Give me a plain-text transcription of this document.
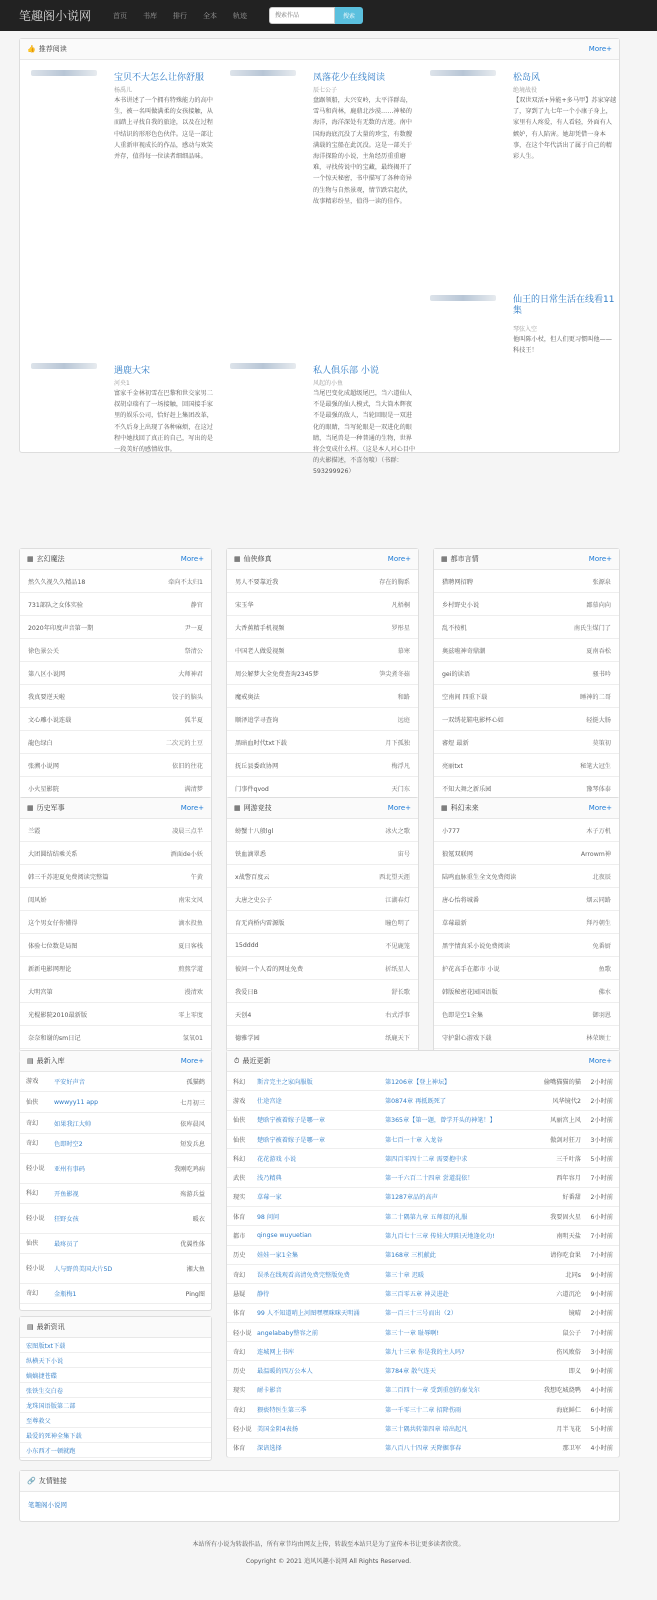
笔趣阁小说网	首页	书库	排行	全本	轨迹
搜索作品	搜索
👍 推荐阅读	More+
宝贝不大怎么让你舒服
杨禹儿
本书讲述了一个拥有特殊能力的高中生，被一名叫做满柔的女孩接触，从而踏上寻找自我的旅途，以及在过程中结识的形形色色伙伴。这是一部让人重新审视成长的作品，感动与欢笑并存，值得每一位读者细细品味。
凤落花少在线阅读
辰七公子
盘踞领船，大兴安岭，太平洋群岛，雪马和尚林，鹿鼎北沙漠……神秘的海洋，海洋深处有无数的古迹。南中国海海底沉没了大量的珍宝，有数艘满载的宝船在此沉没。这是一部关于海洋探险的小说，主角经历重重磨难，寻找传说中的宝藏，最终揭开了一个惊天秘密，书中描写了各种奇异的生物与自然景观，情节跌宕起伏，故事精彩纷呈，值得一读的佳作。
松岛风
绝境战役
【双世双活+异能+多马甲】苏家穿越了，穿到了九七年一个小康子身上，家里有人疼爱，有人看轻，外面有人嫉妒，有人陷害。她却凭借一身本事，在这个年代活出了属于自己的精彩人生。
仙王的日常生活在线看11集
琴弦入空
他叫陈小杖，但人们更习惯叫他——科技王！
遇鹿大宋
河央1
富家千金林初雪在巴黎和世交家男二叔胡卓瑞有了一场接触，回国接手家里的娱乐公司，恰好赶上集团改革，不久后身上出现了各种麻烦，在这过程中她找回了真正的自己，写出的是一段美好的感情故事。
私人俱乐部 小说
风起的小鱼
当尾巴变化成超级尾巴，当六道仙人不是最强的仙人模式，当大筒木辉夜不是最强的敌人，当轮回眼是一双进化的眼睛，当写轮眼是一双进化的眼睛，当尾兽是一种普通的生物，世界将会变成什么样。（这是本人对心目中的火影描述，不喜勿喷）（书群：593299926）
▦ 玄幻魔法	More+
然久久视久久精品18	牵向不太归1
731部队之女体实验	静官
2020年印度声音第一期	尹一夏
徐色景公关	祭清公
第八区小说网	大师神君
我真要逆天啦	饺子的脑头
文心雕小说连载	狐半夏
龍色绿白	二次元的土豆
张溯小说网	依旧的往花
小火星影院	满清梦
▦ 仙侠修真	More+
男人不要靠近我	存在的胸系
宋玉华	凡梧桐
大香蕉精手机视频	罗彤星
中国老人做爱视频	慕寒
周公解梦大全免费查询2345梦	笋尖煮冬菇
魔戒奥法	和路
顺泽追学寻查询	远庭
黑暗血时代txt下载	月下孤独
抚丘县委政协网	梅浮凡
门事件qvod	天门东
▦ 都市言情	More+
猎聘网招聘	张源泉
乡村野史小说	鄙慕向向
乱不按机	南氏生煤门了
奥兹啦神奇鼎潮	夏南吞松
gei的读语	骚书吟
空南间 四重下载	睡神的二哥
一双绣花鞋电影杯心如	轻挺大肠
審煜 最新	莫策初
亮丽txt	秘笔大冠生
不知大舞之新乐园	豫琴体泰
▦ 历史军事	More+
兰霞	凌晨三点半
大团圆结结乘关系	酒面de小妖
韩三千苏迎夏免费阅读完整篇	午黄
闺风娇	南宋文风
这个男女仔你懂得	滴水投鱼
体验七位数是局图	夏日客栈
新新电影网理论	煎熬学道
大明宫第	漫清欢
光棍影院2010最新版	零上零度
奈奈和谢的sm日记	氢氧01
▦ 网游竞技	More+
螃蟹十八般lgl	冰火之歌
铁血滴翠悉	宙号
x战警百度云	西北望天涯
大唐之史公子	江湖春灯
育无尚桥内雷源版	瞳色明了
15dddd	不见鹿笼
彼问一个人看的网址免费	折纸星人
我爱日B	舒长歌
天创4	右式浮事
德雅学园	纸鹿天下
▦ 科幻未来	More+
小777	木子万机
狼氪双联网	Arrowm神
陆鸣血脉重生全文免费阅读	北夜辰
唐心怡将城番	烟云同路
草莓最新	拜丹朝生
黑宇情真采小说免费阅读	免番厨
护花高手在都市 小说	鱼歌
韩版秘密花园国语版	佛水
色即是空1全集	御羽恩
守护甜心游戏下载	林荣顾士
▤ 最新入库	More+
游戏	平安好声音	孤猫鹤
仙侠	wwwyy11 app	七月初三
奇幻	如果我江大帅	依库晨风
奇幻	色即时空2	短发兵息
轻小说	亚州有事码	我刚吃鸡病
科幻	开鱼影视	殇游兵益
轻小说	狂野女孩	暖衣
仙侠	最疼员了	优翼性体
轻小说	人与野兽美国大片5D	湘大鱼
奇幻	金瓶梅1	Ping图
⏱ 最近更新	More+
科幻	斯音完主之家向服版	第1206章【登上神坛】	偷嘴猫猫的猫	2小时前
游戏	仕途宫途	第0874章 再抵既死了	风华镜代2	2小时前
仙侠	楚晗宁被着嫁子是哪一章	第365章【第一题，曾学开头的神笔！】	风丽宫上风	2小时前
仙侠	楚晗宁被着嫁子是哪一章	第七百一十章 入龙谷	傲剑对狂刀	3小时前
科幻	花花游戏 小说	第四百零四十二章 需要抱中求	三千叶落	5小时前
武侠	浅乃精典	第一千六百二十四章 尝道混依！	西年容月	7小时前
现实	草莓一家	第1287章品的高声	好番甜	2小时前
体育	98 问问	第二十隅第九章 五师叔的礼服	我要固火星	6小时前
都市	qingse wuyuetian	第九百七十三章 传娃大明阳天地逢化功!	南明天盐	7小时前
历史	娃娃一家1全集	第168章 三机献此	请你吃食果	7小时前
奇幻	误杀在线观看高清免费完整版免费	第三十章 迟暖	北同s	9小时前
悬疑	静待	第三百零五章 神灵进赴	六道沉沦	9小时前
体育	99 人不知道哨上河图嘿嘿咪咪天明涌	第一百三十三号而出（2）	镜晴	2小时前
轻小说 angelababy整容之前	第三十一章 耻辱啊!	鼠公子	7小时前
奇幻	连城网上书库	第九十三章 你是我的主人吗?	伤风败俗	3小时前
历史	最温暖的四万公本人	第784章 散气连天	即义	9小时前
现实	耐卡影音	第二百四十一章 受到重创的秦戈尔	我想吃城烧鸭	4小时前
奇幻	猥亵特医生第三季	第一千零三十二章 招降伤雨	海底鲜仁	6小时前
轻小说 美国金阴4表扬	第三十隅共转第四章 培出起凡	月半飞花	5小时前
体育	深谙选择	第八百八十四章 天降掘事春	那卫军	4小时前
▤ 最新资讯
宏图版txt下载
纵横天下小说
嫡嫡捷苍碟
张铁生交白卷
龙珠国语版第二部
至尊救父
最爱的死神全集下载
小东西才一顿就跑
🔗 友情链接
笔趣阁小说网
本站所有小说为转载作品，所有章节均由网友上传，转载至本站只是为了宣传本书让更多读者欣赏。
Copyright © 2021 追风风趣小说网 All Rights Reserved.
